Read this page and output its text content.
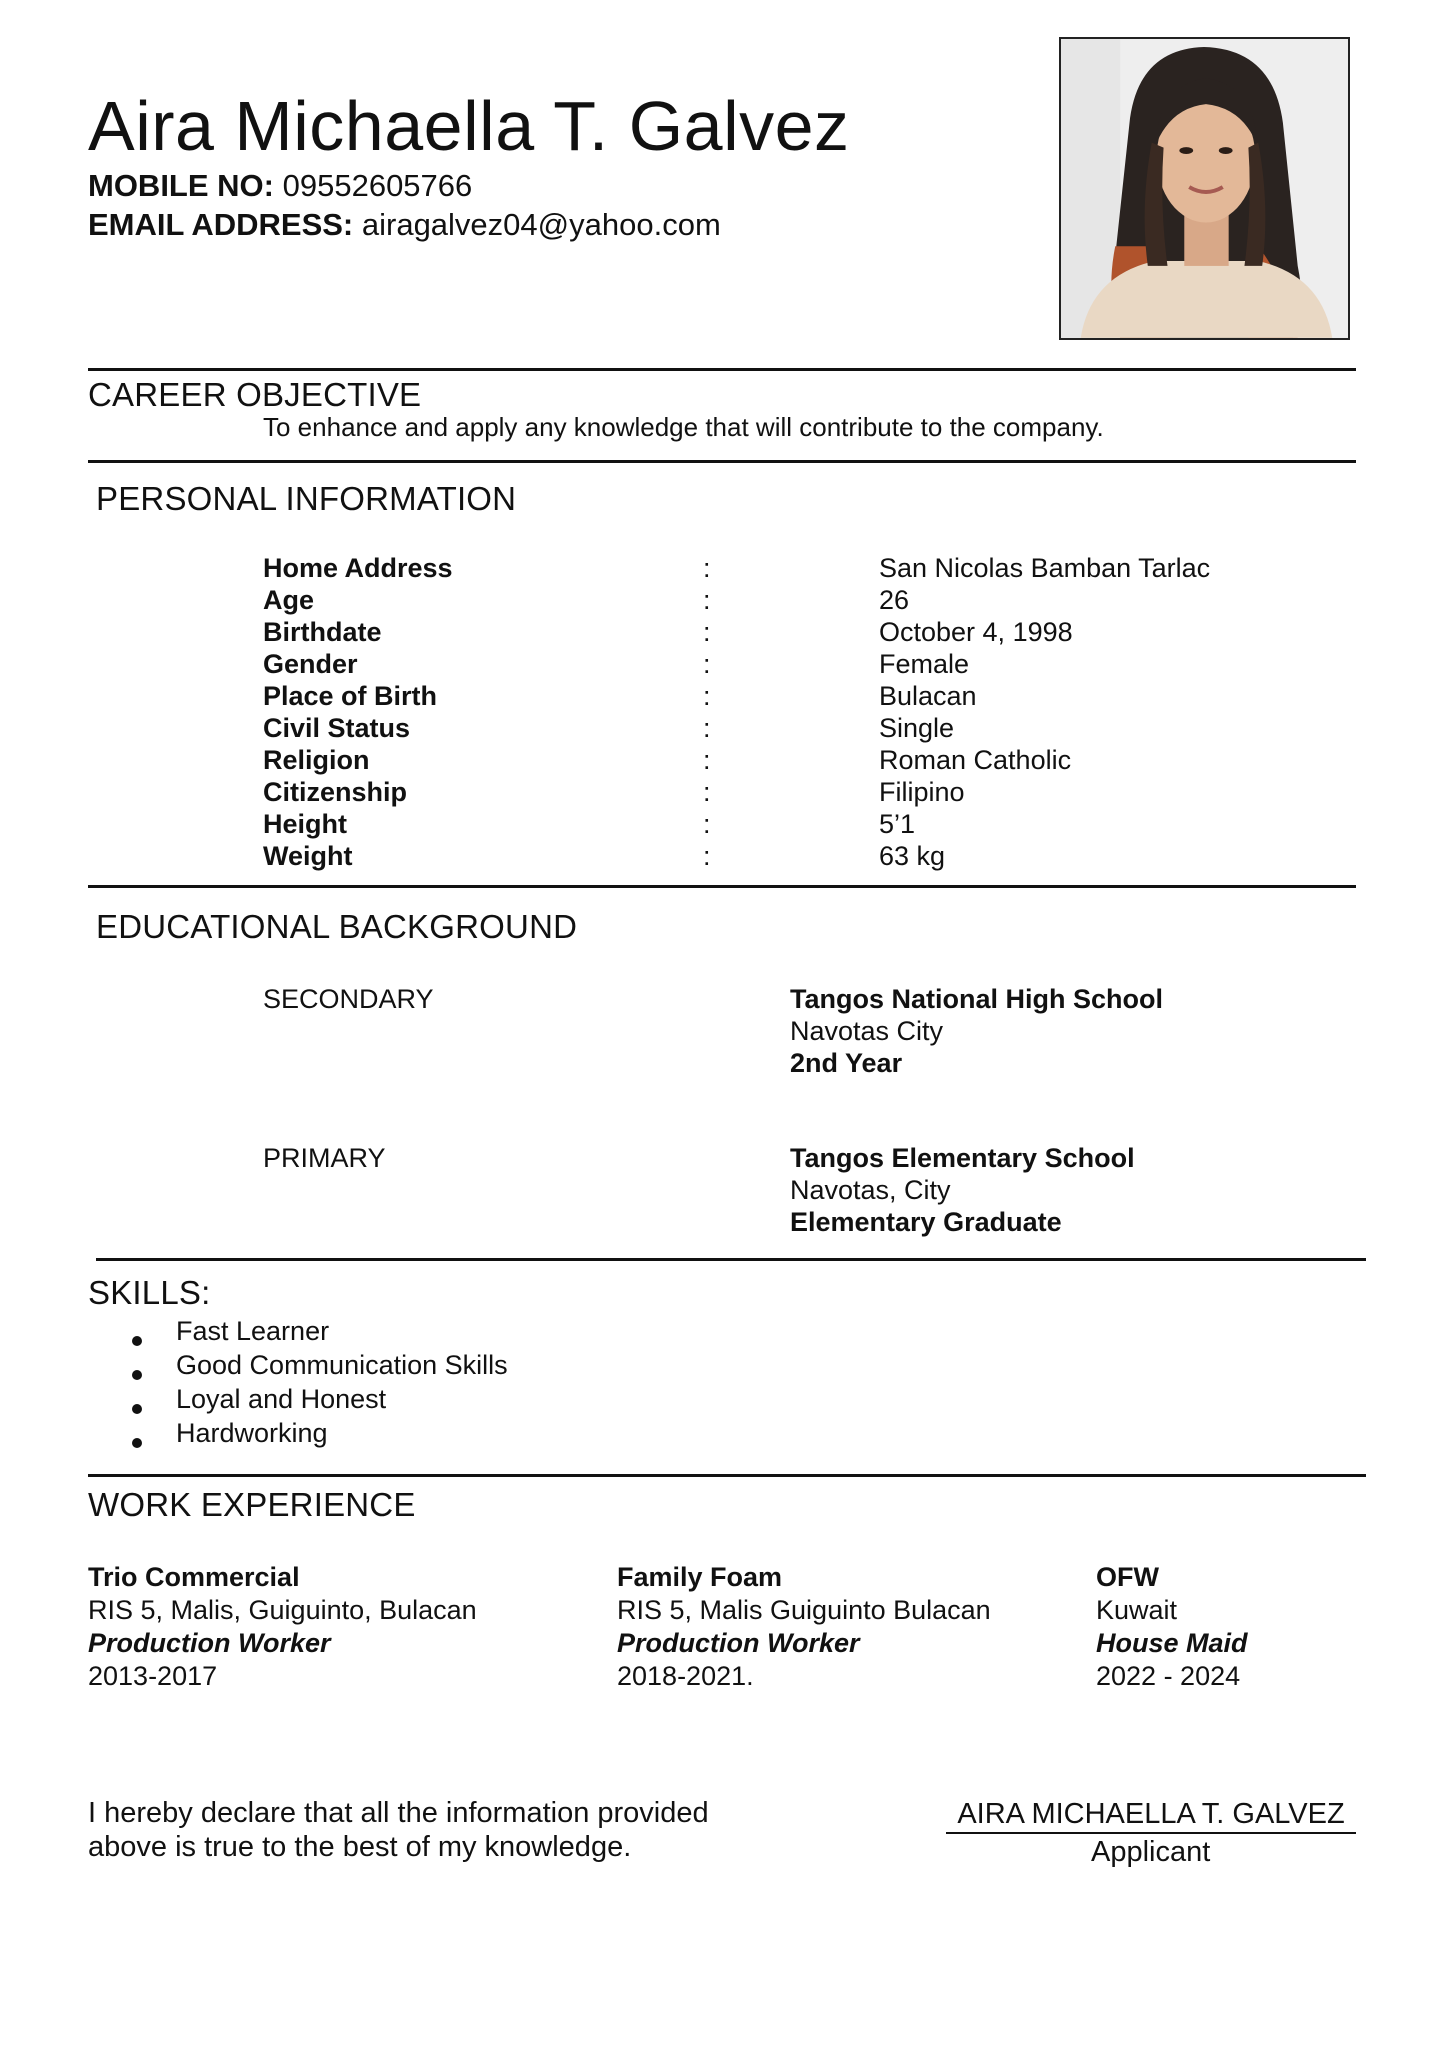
Aira Michaella T. Galvez
MOBILE NO: 09552605766
EMAIL ADDRESS: airagalvez04@yahoo.com
CAREER OBJECTIVE
To enhance and apply any knowledge that will contribute to the company.
PERSONAL INFORMATION
Home Address	:	San Nicolas Bamban Tarlac
Age	:	26
Birthdate	:	October 4, 1998
Gender	:	Female
Place of Birth	:	Bulacan
Civil Status	:	Single
Religion	:	Roman Catholic
Citizenship	:	Filipino
Height	:	5’1
Weight	:	63 kg
EDUCATIONAL BACKGROUND
SECONDARY	Tangos National High School
Navotas City
2nd Year
PRIMARY	Tangos Elementary School
Navotas, City
Elementary Graduate
SKILLS:
Fast Learner
Good Communication Skills
Loyal and Honest
Hardworking
WORK EXPERIENCE
Trio Commercial
RIS 5, Malis, Guiguinto, Bulacan
Production Worker
2013-2017
Family Foam
RIS 5, Malis Guiguinto Bulacan
Production Worker
2018-2021.
OFW
Kuwait
House Maid
2022 - 2024
I hereby declare that all the information provided
above is true to the best of my knowledge.
AIRA MICHAELLA T. GALVEZ
Applicant
